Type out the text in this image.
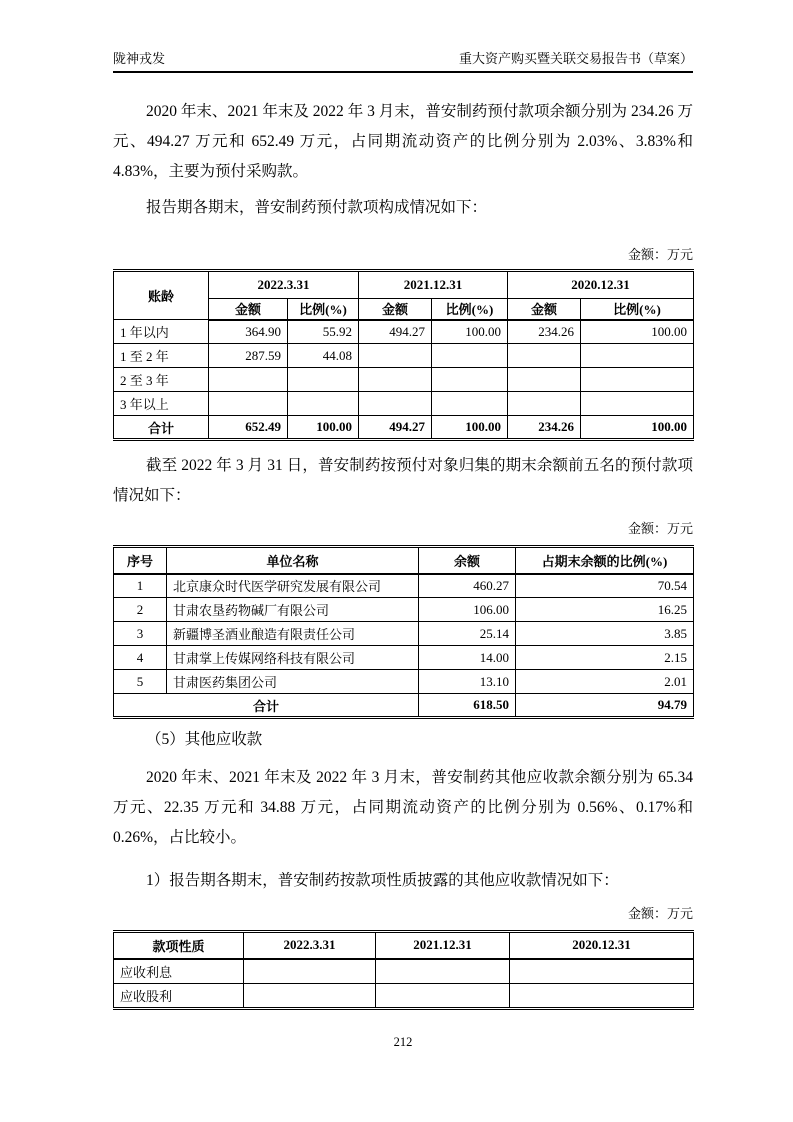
陇神戎发	重大资产购买暨关联交易报告书（草案）

2020 年末、2021 年末及 2022 年 3 月末，普安制药预付款项余额分别为 234.26 万元、494.27 万元和 652.49 万元，占同期流动资产的比例分别为 2.03%、3.83%和 4.83%，主要为预付采购款。

报告期各期末，普安制药预付款项构成情况如下：

金额：万元
账龄	2022.3.31		2021.12.31		2020.12.31	
	金额	比例(%)	金额	比例(%)	金额	比例(%)
1 年以内	364.90	55.92	494.27	100.00	234.26	100.00
1 至 2 年	287.59	44.08				
2 至 3 年						
3 年以上						
合计	652.49	100.00	494.27	100.00	234.26	100.00

截至 2022 年 3 月 31 日，普安制药按预付对象归集的期末余额前五名的预付款项情况如下：

金额：万元
序号	单位名称	余额	占期末余额的比例(%)
1	北京康众时代医学研究发展有限公司	460.27	70.54
2	甘肃农垦药物碱厂有限公司	106.00	16.25
3	新疆博圣酒业酿造有限责任公司	25.14	3.85
4	甘肃掌上传媒网络科技有限公司	14.00	2.15
5	甘肃医药集团公司	13.10	2.01
合计		618.50	94.79

（5）其他应收款

2020 年末、2021 年末及 2022 年 3 月末，普安制药其他应收款余额分别为 65.34 万元、22.35 万元和 34.88 万元，占同期流动资产的比例分别为 0.56%、0.17%和 0.26%，占比较小。

1）报告期各期末，普安制药按款项性质披露的其他应收款情况如下：

金额：万元
款项性质	2022.3.31	2021.12.31	2020.12.31
应收利息			
应收股利			
212
